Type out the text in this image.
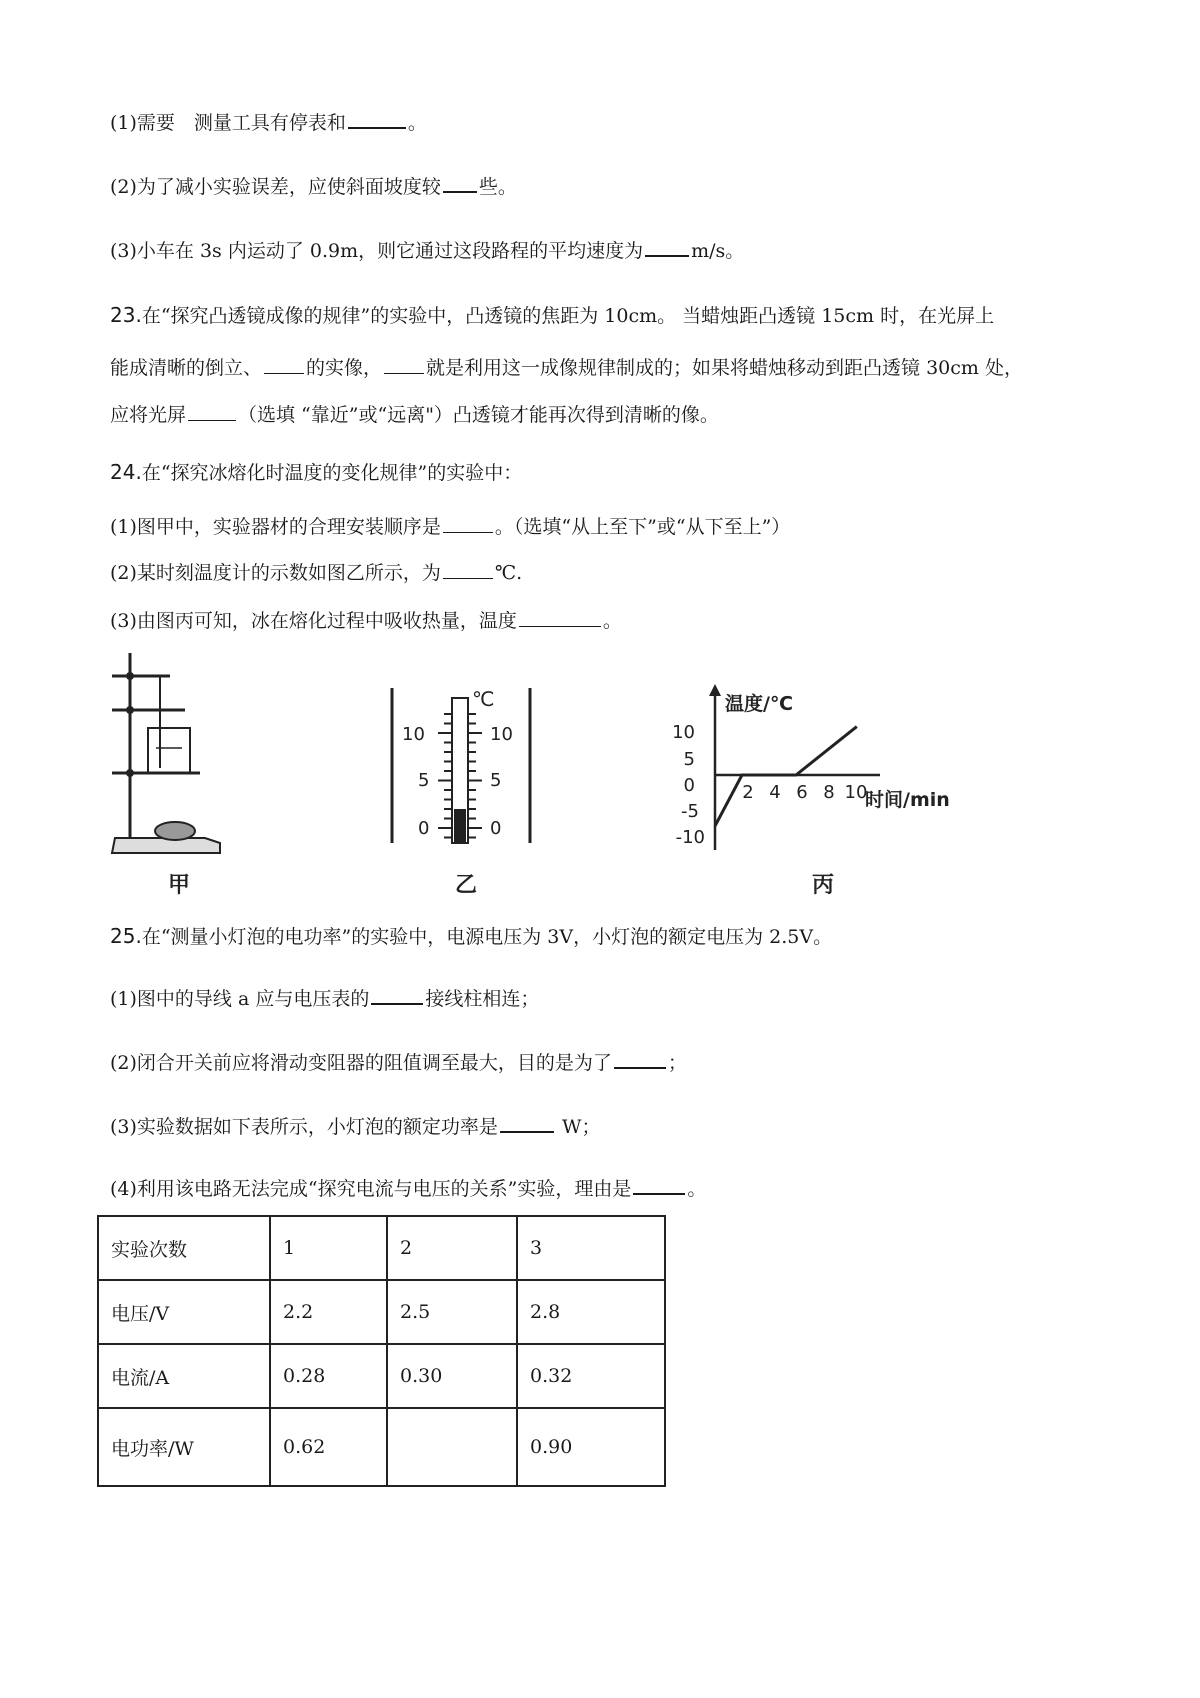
(1)需要　测量工具有停表和	。
(2)为了减小实验误差，应使斜面坡度较 些。
(3)小车在 3s 内运动了 0.9m，则它通过这段路程的平均速度为	m/s。
23.在“探究凸透镜成像的规律”的实验中，凸透镜的焦距为 10cm。 当蜡烛距凸透镜 15cm 时，在光屏上
能成清晰的倒立、 的实像， 就是利用这一成像规律制成的；如果将蜡烛移动到距凸透镜 30cm 处，
应将光屏	（选填 “靠近”或“远离"）凸透镜才能再次得到清晰的像。
24.在“探究冰熔化时温度的变化规律”的实验中：
(1)图甲中，实验器材的合理安装顺序是	。（选填“从上至下”或“从下至上”）
(2)某时刻温度计的示数如图乙所示，为	℃.
(3)由图丙可知，冰在熔化过程中吸收热量，温度	。
甲
℃
10
5
0
10
5
0
乙
温度/℃
时间/min
10
5
0
-5
-10
2 4 6 8 10
丙
25.在“测量小灯泡的电功率”的实验中，电源电压为 3V，小灯泡的额定电压为 2.5V。
(1)图中的导线 a 应与电压表的	接线柱相连；
(2)闭合开关前应将滑动变阻器的阻值调至最大，目的是为了	；
(3)实验数据如下表所示，小灯泡的额定功率是	W；
(4)利用该电路无法完成“探究电流与电压的关系”实验，理由是	。
实验次数	1	2	3
电压/V	2.2	2.5	2.8
电流/A	0.28	0.30	0.32
电功率/W	0.62		0.90
